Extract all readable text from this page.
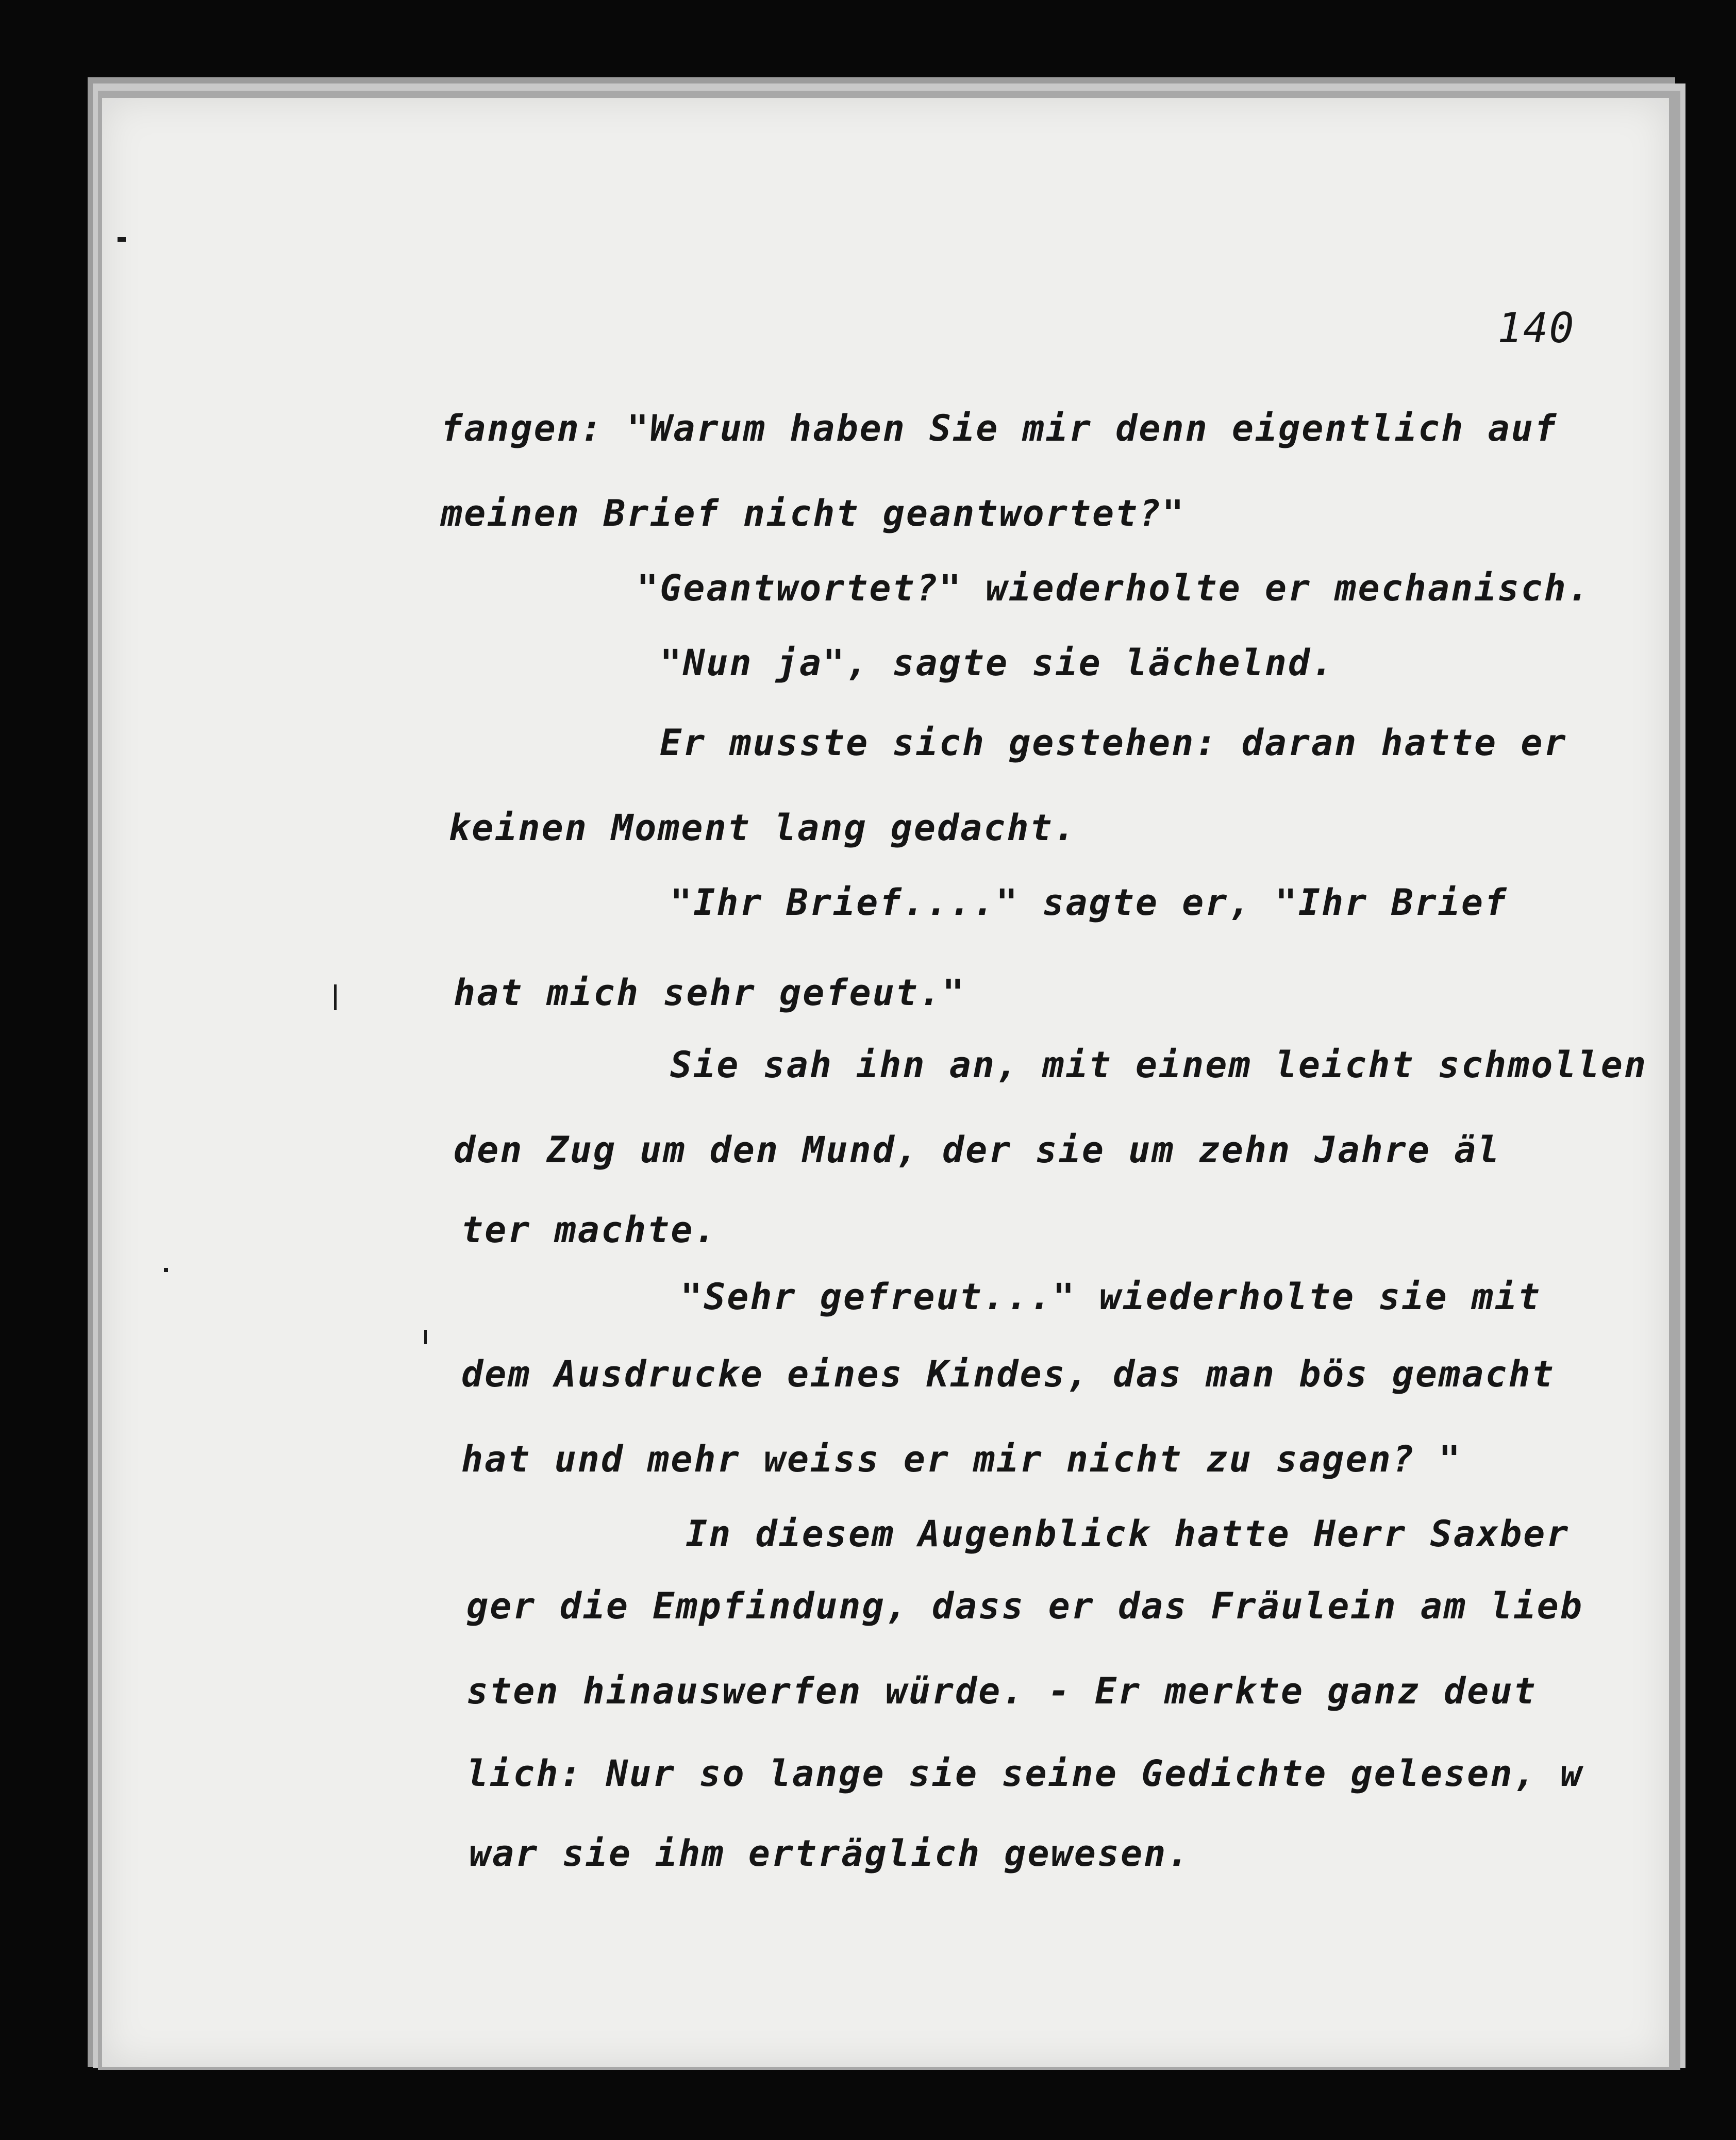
140
fangen: "Warum haben Sie mir denn eigentlich auf
meinen Brief nicht geantwortet?"
"Geantwortet?" wiederholte er mechanisch.
"Nun ja", sagte sie lächelnd.
Er musste sich gestehen: daran hatte er
keinen Moment lang gedacht.
"Ihr Brief...." sagte er, "Ihr Brief
hat mich sehr gefeut."
Sie sah ihn an, mit einem leicht schmollen
den Zug um den Mund, der sie um zehn Jahre äl
ter machte.
"Sehr gefreut..." wiederholte sie mit
dem Ausdrucke eines Kindes, das man bös gemacht
hat und mehr weiss er mir nicht zu sagen? "
In diesem Augenblick hatte Herr Saxber
ger die Empfindung, dass er das Fräulein am lieb
sten hinauswerfen würde. - Er merkte ganz deut
lich: Nur so lange sie seine Gedichte gelesen, w
war sie ihm erträglich gewesen.
